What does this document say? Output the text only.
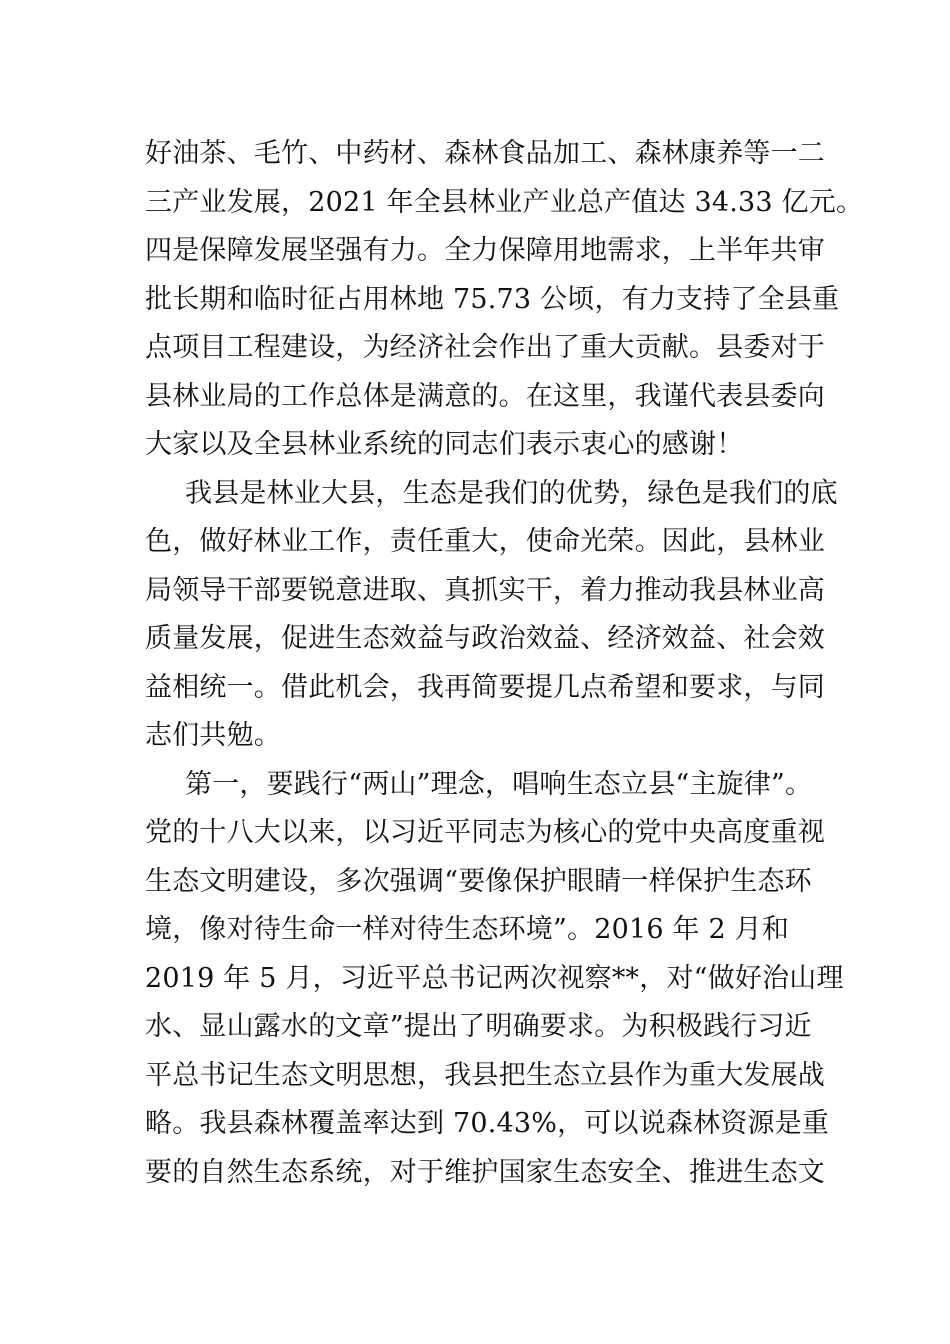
好油茶、毛竹、中药材、森林食品加工、森林康养等一二
三产业发展，2021 年全县林业产业总产值达 34.33 亿元。
四是保障发展坚强有力。全力保障用地需求，上半年共审
批长期和临时征占用林地 75.73 公顷，有力支持了全县重
点项目工程建设，为经济社会作出了重大贡献。县委对于
县林业局的工作总体是满意的。在这里，我谨代表县委向
大家以及全县林业系统的同志们表示衷心的感谢！
我县是林业大县，生态是我们的优势，绿色是我们的底
色，做好林业工作，责任重大，使命光荣。因此，县林业
局领导干部要锐意进取、真抓实干，着力推动我县林业高
质量发展，促进生态效益与政治效益、经济效益、社会效
益相统一。借此机会，我再简要提几点希望和要求，与同
志们共勉。
第一，要践行“两山”理念，唱响生态立县“主旋律”。
党的十八大以来，以习近平同志为核心的党中央高度重视
生态文明建设，多次强调“要像保护眼睛一样保护生态环
境，像对待生命一样对待生态环境”。2016 年 2 月和
2019 年 5 月，习近平总书记两次视察**，对“做好治山理
水、显山露水的文章”提出了明确要求。为积极践行习近
平总书记生态文明思想，我县把生态立县作为重大发展战
略。我县森林覆盖率达到 70.43%，可以说森林资源是重
要的自然生态系统，对于维护国家生态安全、推进生态文
